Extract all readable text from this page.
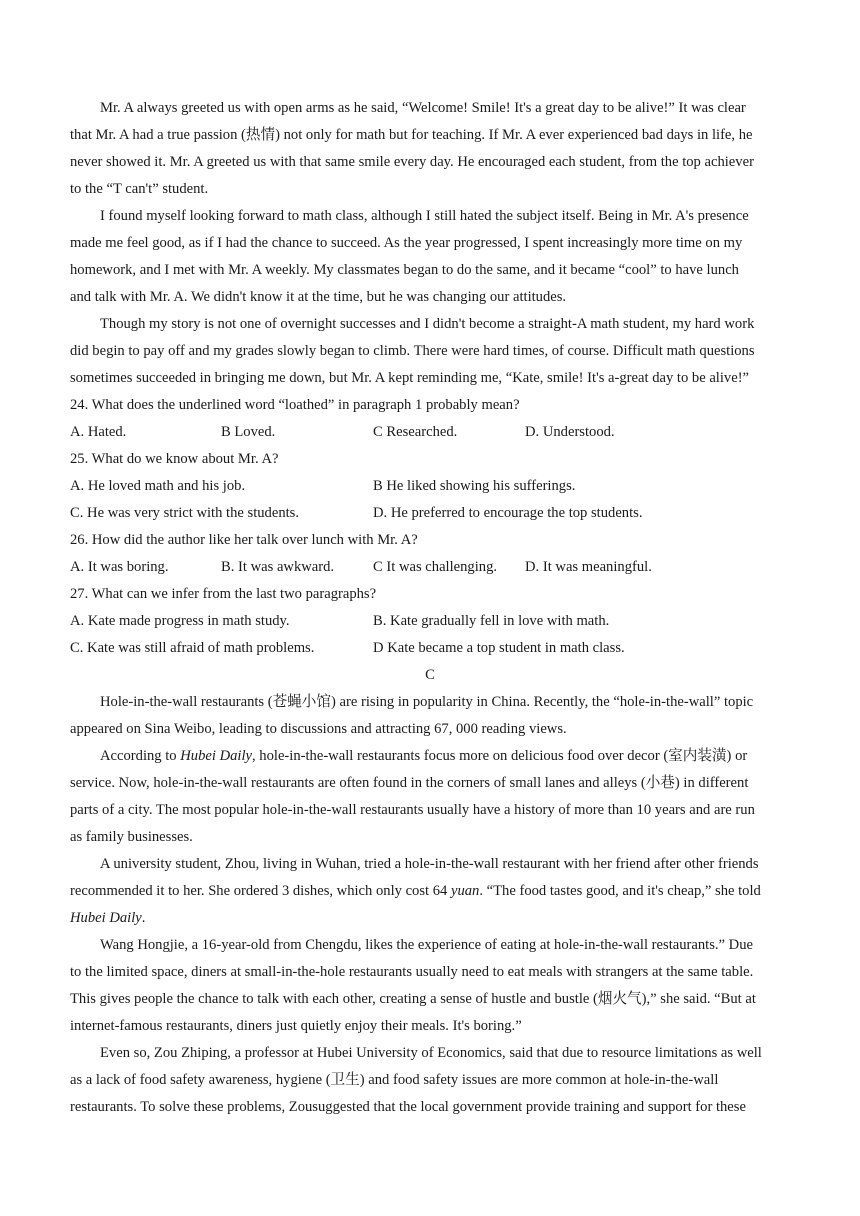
Mr. A always greeted us with open arms as he said, “Welcome! Smile! It's a great day to be alive!” It was clear
that Mr. A had a true passion (热情) not only for math but for teaching. If Mr. A ever experienced bad days in life, he
never showed it. Mr. A greeted us with that same smile every day. He encouraged each student, from the top achiever
to the “T can't” student.
I found myself looking forward to math class, although I still hated the subject itself. Being in Mr. A's presence
made me feel good, as if I had the chance to succeed. As the year progressed, I spent increasingly more time on my
homework, and I met with Mr. A weekly. My classmates began to do the same, and it became “cool” to have lunch
and talk with Mr. A. We didn't know it at the time, but he was changing our attitudes.
Though my story is not one of overnight successes and I didn't become a straight-A math student, my hard work
did begin to pay off and my grades slowly began to climb. There were hard times, of course. Difficult math questions
sometimes succeeded in bringing me down, but Mr. A kept reminding me, “Kate, smile! It's a-great day to be alive!”
24. What does the underlined word “loathed” in paragraph 1 probably mean?
A. Hated.	B Loved.	C Researched.	D. Understood.
25. What do we know about Mr. A?
A. He loved math and his job.	B He liked showing his sufferings.
C. He was very strict with the students.	D. He preferred to encourage the top students.
26. How did the author like her talk over lunch with Mr. A?
A. It was boring.	B. It was awkward.	C It was challenging. D. It was meaningful.
27. What can we infer from the last two paragraphs?
A. Kate made progress in math study.	B. Kate gradually fell in love with math.
C. Kate was still afraid of math problems.	D Kate became a top student in math class.
C
Hole-in-the-wall restaurants (苍蝇小馆) are rising in popularity in China. Recently, the “hole-in-the-wall” topic
appeared on Sina Weibo, leading to discussions and attracting 67, 000 reading views.
According to Hubei Daily, hole-in-the-wall restaurants focus more on delicious food over decor (室内装潢) or
service. Now, hole-in-the-wall restaurants are often found in the corners of small lanes and alleys (小巷) in different
parts of a city. The most popular hole-in-the-wall restaurants usually have a history of more than 10 years and are run
as family businesses.
A university student, Zhou, living in Wuhan, tried a hole-in-the-wall restaurant with her friend after other friends
recommended it to her. She ordered 3 dishes, which only cost 64 yuan. “The food tastes good, and it's cheap,” she told
Hubei Daily.
Wang Hongjie, a 16-year-old from Chengdu, likes the experience of eating at hole-in-the-wall restaurants.” Due
to the limited space, diners at small-in-the-hole restaurants usually need to eat meals with strangers at the same table.
This gives people the chance to talk with each other, creating a sense of hustle and bustle (烟火气),” she said. “But at
internet-famous restaurants, diners just quietly enjoy their meals. It's boring.”
Even so, Zou Zhiping, a professor at Hubei University of Economics, said that due to resource limitations as well
as a lack of food safety awareness, hygiene (卫生) and food safety issues are more common at hole-in-the-wall
restaurants. To solve these problems, Zousuggested that the local government provide training and support for these
